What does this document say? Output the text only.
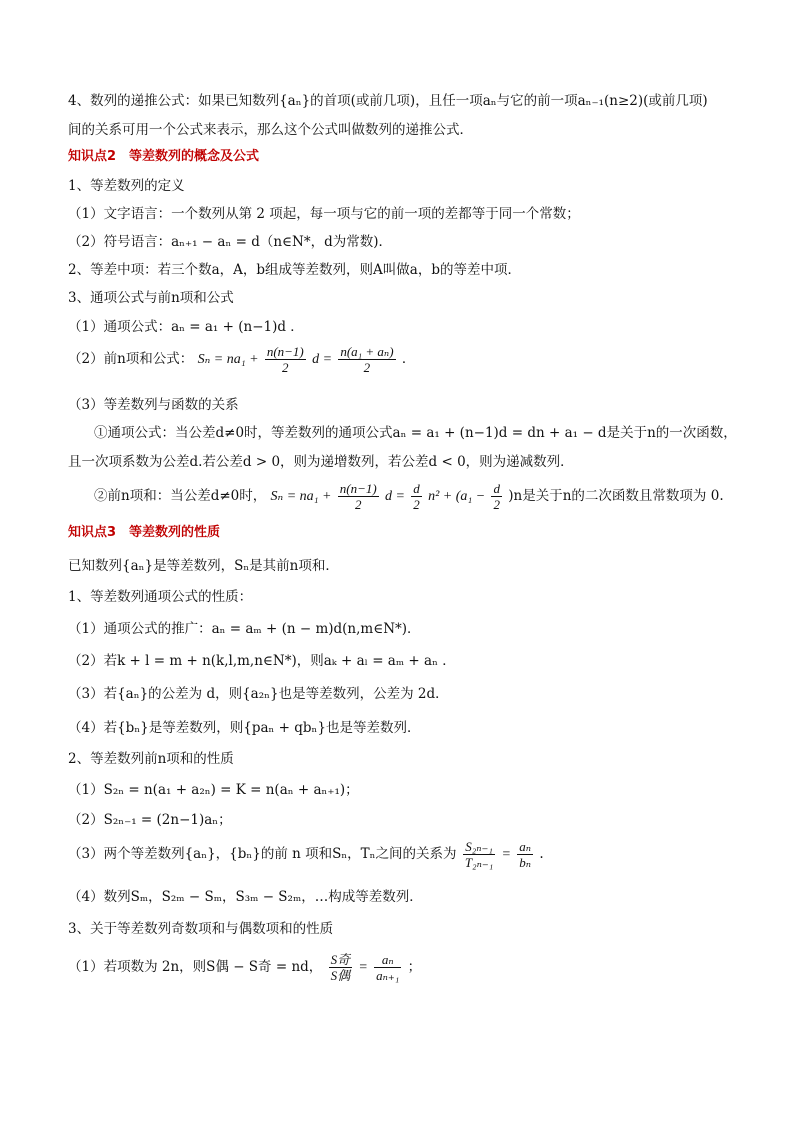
4、数列的递推公式：如果已知数列{aₙ}的首项(或前几项)，且任一项aₙ与它的前一项aₙ₋₁(n≥2)(或前几项)
间的关系可用一个公式来表示，那么这个公式叫做数列的递推公式．
知识点2　等差数列的概念及公式
1、等差数列的定义
（1）文字语言：一个数列从第 2 项起，每一项与它的前一项的差都等于同一个常数；
（2）符号语言：aₙ₊₁ − aₙ = d（n∈N*，d为常数)．
2、等差中项：若三个数a，A，b组成等差数列，则A叫做a，b的等差中项．
3、通项公式与前n项和公式
（1）通项公式：aₙ = a₁ + (n−1)d ．
（2）前n项和公式： $S_n = na_1 + \frac{n(n-1)}{2}$ $d = \frac{\text{n(a₁ + aₙ)}}{2}$ ．
（3）等差数列与函数的关系
①通项公式：当公差d≠0时，等差数列的通项公式aₙ = a₁ + (n−1)d = dn + a₁ − d是关于n的一次函数，
且一次项系数为公差d.若公差d > 0，则为递增数列，若公差d < 0，则为递减数列．
②前n项和：当公差d≠0时， $S_n = na_1 + \frac{n(n-1)}{2}$ $d = \frac{d}{2} n^2 + (a_1 - \frac{d}{2} )n$是关于n的二次函数且常数项为 0.
知识点3　等差数列的性质
已知数列{aₙ}是等差数列，Sₙ是其前n项和．
1、等差数列通项公式的性质：
（1）通项公式的推广：aₙ = aₘ + (n − m)d(n,m∈N*)．
（2）若k + l = m + n(k,l,m,n∈N*)，则aₖ + aₗ = aₘ + aₙ ．
（3）若{aₙ}的公差为 d，则{a₂ₙ}也是等差数列，公差为 2d．
（4）若{bₙ}是等差数列，则{paₙ + qbₙ}也是等差数列．
2、等差数列前n项和的性质
（1）S₂ₙ = n(a₁ + a₂ₙ) = K = n(aₙ + aₙ₊₁)；
（2）S₂ₙ₋₁ = (2n−1)aₙ；
（3）两个等差数列{aₙ}，{bₙ}的前 n 项和Sₙ，Tₙ之间的关系为 $\frac{\text{S₂ₙ₋₁}}{\text{T₂ₙ₋₁}} = \frac{\text{aₙ}}{\text{bₙ}}$ .
（4）数列Sₘ，S₂ₘ − Sₘ，S₃ₘ − S₂ₘ，…构成等差数列．
3、关于等差数列奇数项和与偶数项和的性质
（1）若项数为 2n，则S偶 − S奇 = nd， $\frac{\text{S奇}}{\text{S偶}} = \frac{\text{aₙ}}{\text{aₙ₊₁}}$ ；
